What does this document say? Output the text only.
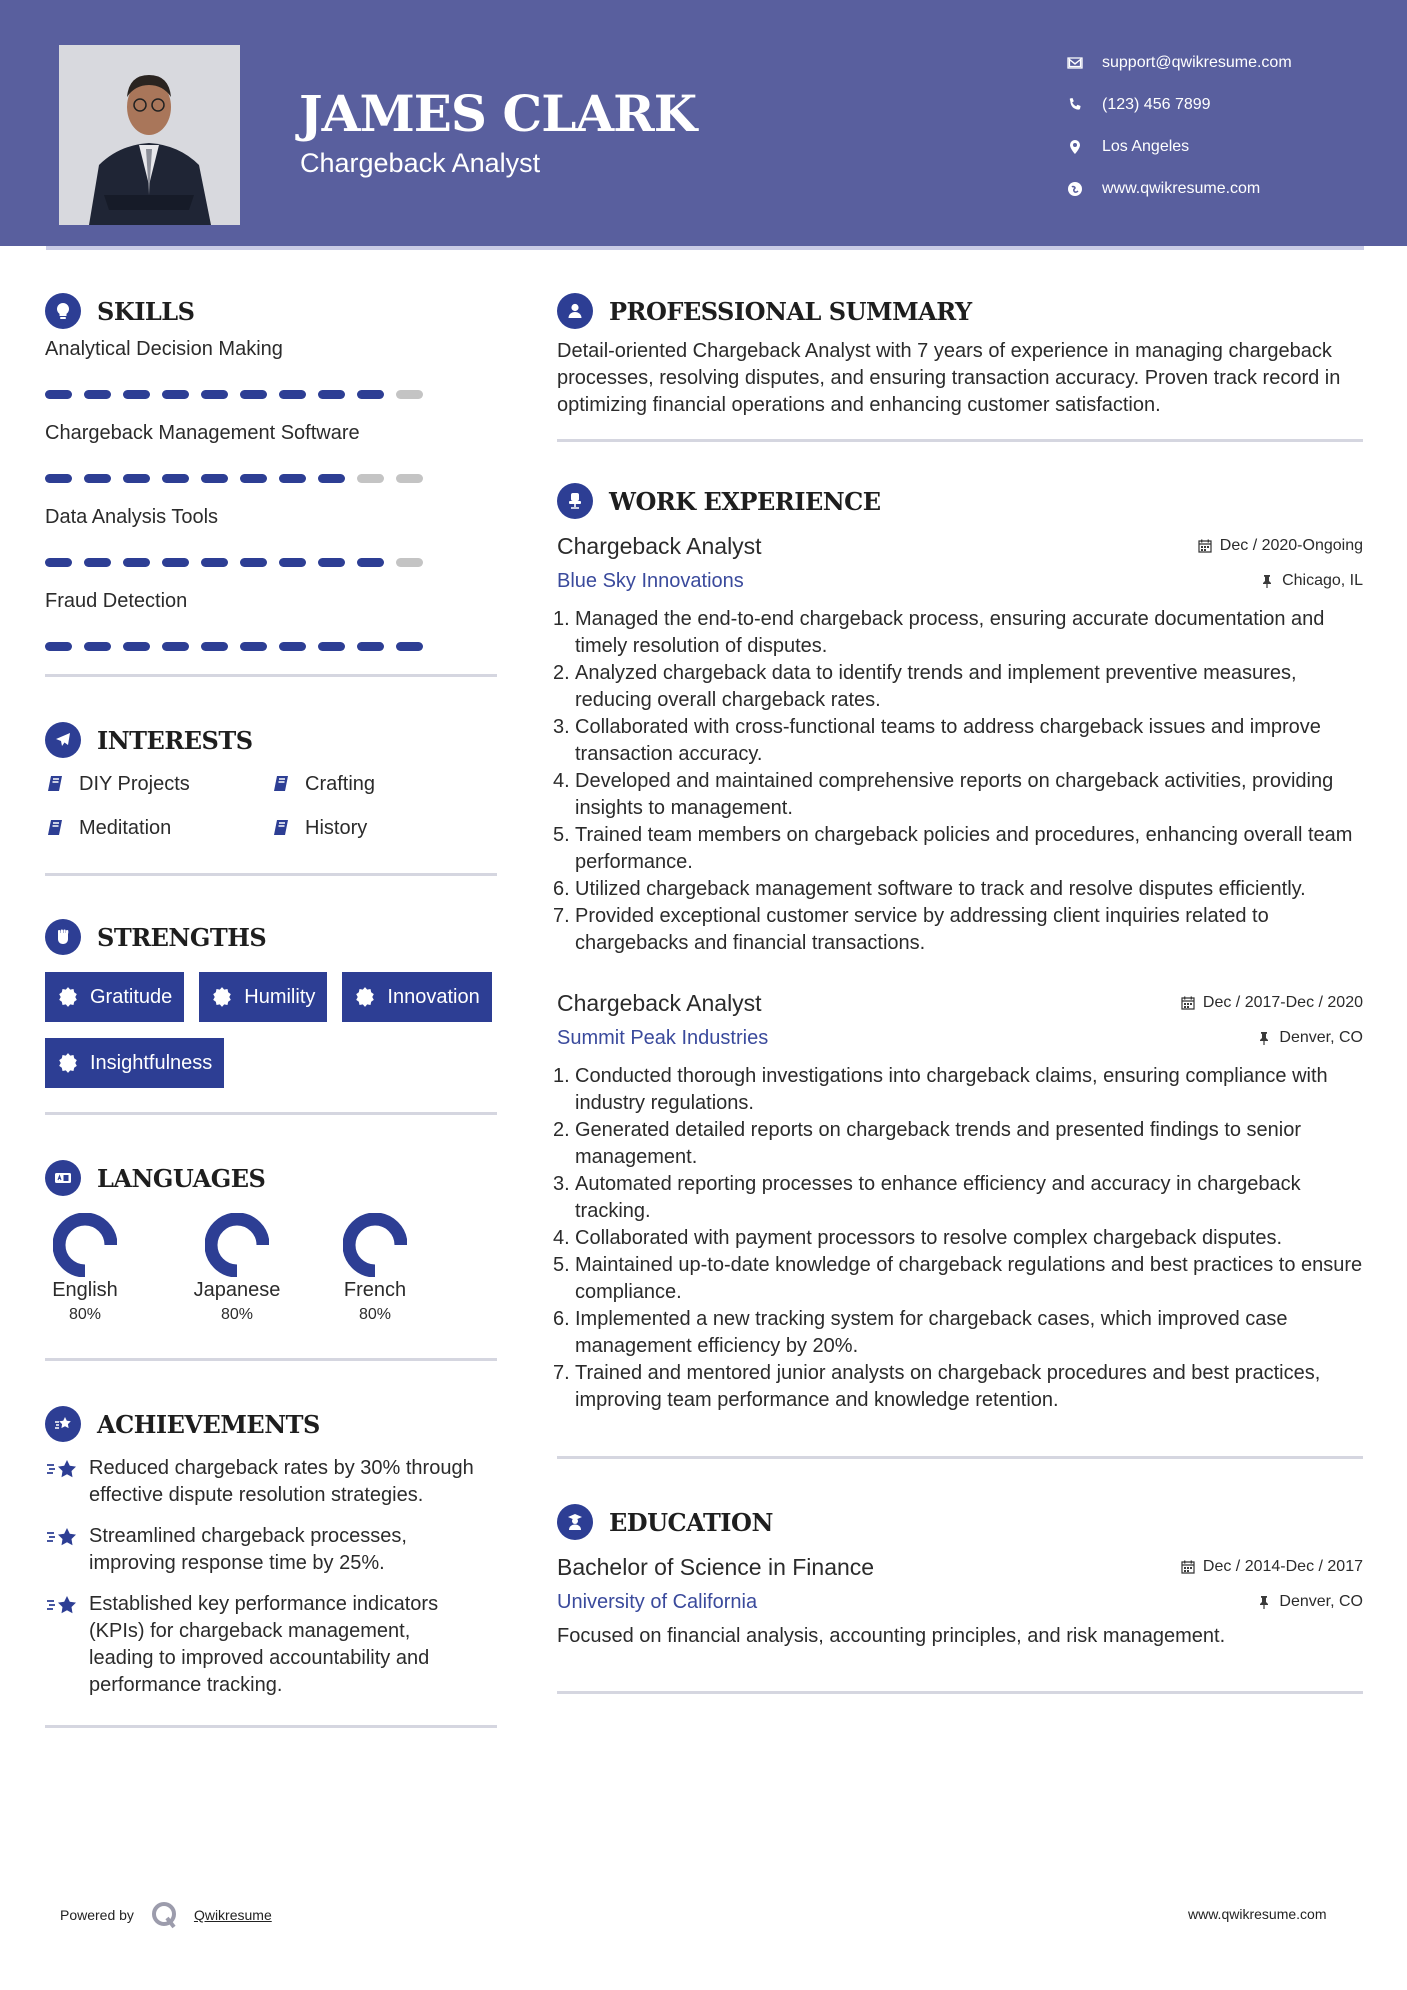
JAMES CLARK
Chargeback Analyst
support@qwikresume.com
(123) 456 7899
Los Angeles
www.qwikresume.com
SKILLS
Analytical Decision Making
Chargeback Management Software
Data Analysis Tools
Fraud Detection
INTERESTS
DIY Projects	Crafting
Meditation	History
STRENGTHS
Gratitude	Humility	Innovation
Insightfulness
LANGUAGES
English
80%
Japanese
80%
French
80%
ACHIEVEMENTS
Reduced chargeback rates by 30% through effective dispute resolution strategies.
Streamlined chargeback processes, improving response time by 25%.
Established key performance indicators (KPIs) for chargeback management, leading to improved accountability and performance tracking.
PROFESSIONAL SUMMARY
Detail-oriented Chargeback Analyst with 7 years of experience in managing chargeback processes, resolving disputes, and ensuring transaction accuracy. Proven track record in optimizing financial operations and enhancing customer satisfaction.
WORK EXPERIENCE
Chargeback Analyst	Dec / 2020-Ongoing
Blue Sky Innovations	Chicago, IL
Managed the end-to-end chargeback process, ensuring accurate documentation and timely resolution of disputes.
Analyzed chargeback data to identify trends and implement preventive measures, reducing overall chargeback rates.
Collaborated with cross-functional teams to address chargeback issues and improve transaction accuracy.
Developed and maintained comprehensive reports on chargeback activities, providing insights to management.
Trained team members on chargeback policies and procedures, enhancing overall team performance.
Utilized chargeback management software to track and resolve disputes efficiently.
Provided exceptional customer service by addressing client inquiries related to chargebacks and financial transactions.
Chargeback Analyst	Dec / 2017-Dec / 2020
Summit Peak Industries	Denver, CO
Conducted thorough investigations into chargeback claims, ensuring compliance with industry regulations.
Generated detailed reports on chargeback trends and presented findings to senior management.
Automated reporting processes to enhance efficiency and accuracy in chargeback tracking.
Collaborated with payment processors to resolve complex chargeback disputes.
Maintained up-to-date knowledge of chargeback regulations and best practices to ensure compliance.
Implemented a new tracking system for chargeback cases, which improved case management efficiency by 20%.
Trained and mentored junior analysts on chargeback procedures and best practices, improving team performance and knowledge retention.
EDUCATION
Bachelor of Science in Finance	Dec / 2014-Dec / 2017
University of California	Denver, CO
Focused on financial analysis, accounting principles, and risk management.
Powered by	Qwikresume	www.qwikresume.com
